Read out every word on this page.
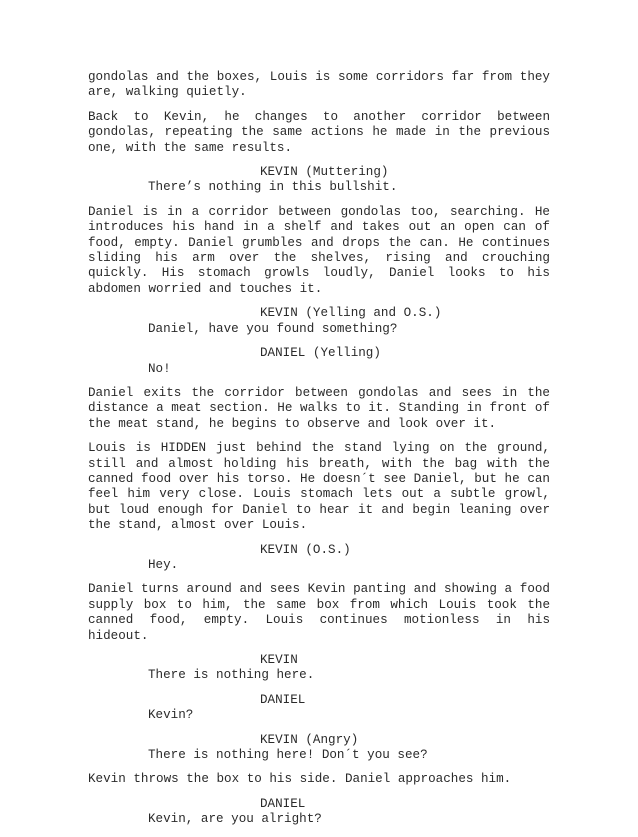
gondolas and the boxes, Louis is some corridors far from they are, walking quietly.

Back to Kevin, he changes to another corridor between gondolas, repeating the same actions he made in the previous one, with the same results.

KEVIN (Muttering)

There’s nothing in this bullshit.

Daniel is in a corridor between gondolas too, searching. He introduces his hand in a shelf and takes out an open can of food, empty. Daniel grumbles and drops the can. He continues sliding his arm over the shelves, rising and crouching quickly. His stomach growls loudly, Daniel looks to his abdomen worried and touches it.

KEVIN (Yelling and O.S.)

Daniel, have you found something?

DANIEL (Yelling)

No!

Daniel exits the corridor between gondolas and sees in the distance a meat section. He walks to it. Standing in front of the meat stand, he begins to observe and look over it.

Louis is HIDDEN just behind the stand lying on the ground, still and almost holding his breath, with the bag with the canned food over his torso. He doesn´t see Daniel, but he can feel him very close. Louis stomach lets out a subtle growl, but loud enough for Daniel to hear it and begin leaning over the stand, almost over Louis.

KEVIN (O.S.)

Hey.

Daniel turns around and sees Kevin panting and showing a food supply box to him, the same box from which Louis took the canned food, empty. Louis continues motionless in his hideout.

KEVIN

There is nothing here.

DANIEL

Kevin?

KEVIN (Angry)

There is nothing here! Don´t you see?

Kevin throws the box to his side. Daniel approaches him.

DANIEL

Kevin, are you alright?
